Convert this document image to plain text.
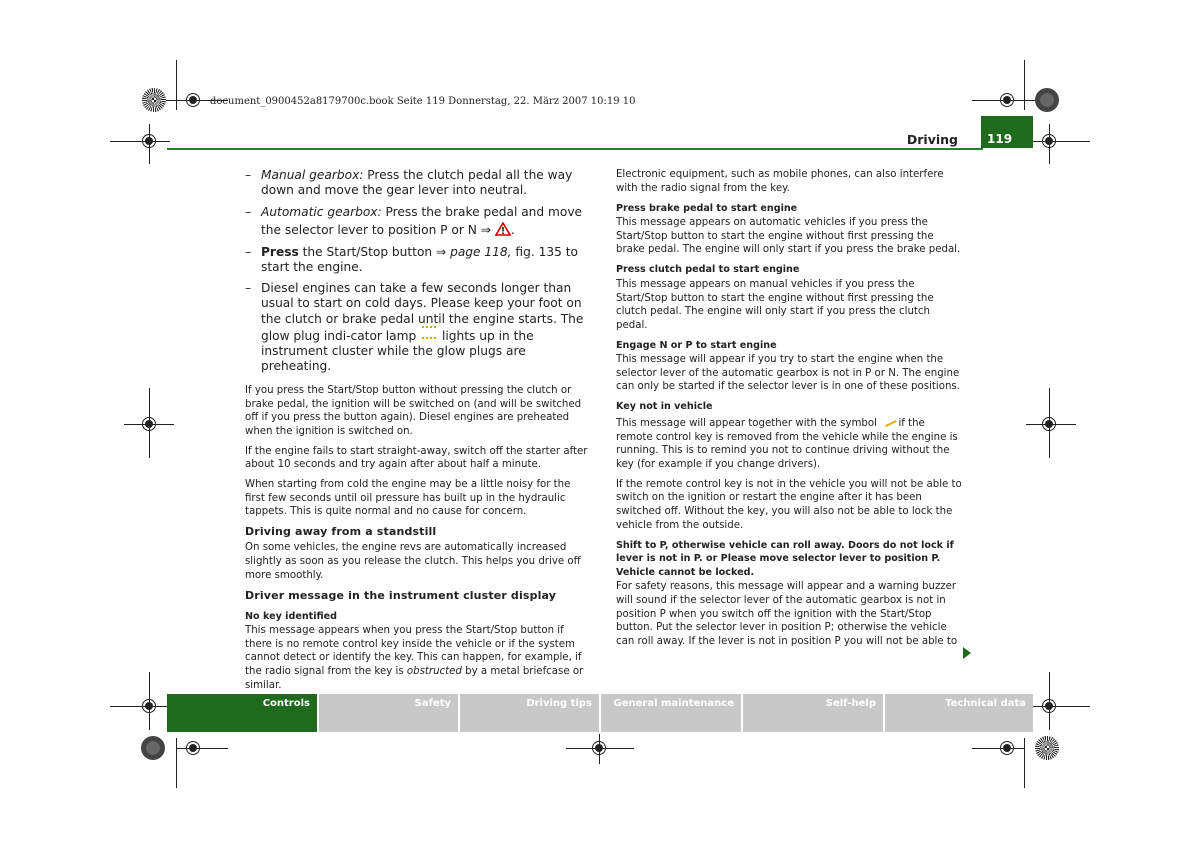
document_0900452a8179700c.book Seite 119 Donnerstag, 22. März 2007 10:19 10
Driving	119
– Manual gearbox: Press the clutch pedal all the way down and move the gear lever into neutral.
– Automatic gearbox: Press the brake pedal and move the selector lever to position P or N ⇒ .
– Press the Start/Stop button ⇒ page 118, fig. 135 to start the engine.
– Diesel engines can take a few seconds longer than usual to start on cold days. Please keep your foot on the clutch or brake pedal until the engine starts. The glow plug indi-cator lamp  lights up in the instrument cluster while the glow plugs are preheating.
If you press the Start/Stop button without pressing the clutch or brake pedal, the ignition will be switched on (and will be switched off if you press the button again). Diesel engines are preheated when the ignition is switched on.
If the engine fails to start straight-away, switch off the starter after about 10 seconds and try again after about half a minute.
When starting from cold the engine may be a little noisy for the first few seconds until oil pressure has built up in the hydraulic tappets. This is quite normal and no cause for concern.
Driving away from a standstill
On some vehicles, the engine revs are automatically increased slightly as soon as you release the clutch. This helps you drive off more smoothly.
Driver message in the instrument cluster display
No key identified
This message appears when you press the Start/Stop button if there is no remote control key inside the vehicle or if the system cannot detect or identify the key. This can happen, for example, if the radio signal from the key is obstructed by a metal briefcase or similar.
Electronic equipment, such as mobile phones, can also interfere with the radio signal from the key.
Press brake pedal to start engine
This message appears on automatic vehicles if you press the Start/Stop button to start the engine without first pressing the brake pedal. The engine will only start if you press the brake pedal.
Press clutch pedal to start engine
This message appears on manual vehicles if you press the Start/Stop button to start the engine without first pressing the clutch pedal. The engine will only start if you press the clutch pedal.
Engage N or P to start engine
This message will appear if you try to start the engine when the selector lever of the automatic gearbox is not in P or N. The engine can only be started if the selector lever is in one of these positions.
Key not in vehicle
This message will appear together with the symbol  if the remote control key is removed from the vehicle while the engine is running. This is to remind you not to continue driving without the key (for example if you change drivers).
If the remote control key is not in the vehicle you will not be able to switch on the ignition or restart the engine after it has been switched off. Without the key, you will also not be able to lock the vehicle from the outside.
Shift to P, otherwise vehicle can roll away. Doors do not lock if lever is not in P. or Please move selector lever to position P. Vehicle cannot be locked.
For safety reasons, this message will appear and a warning buzzer will sound if the selector lever of the automatic gearbox is not in position P when you switch off the ignition with the Start/Stop button. Put the selector lever in position P; otherwise the vehicle can roll away. If the lever is not in position P you will not be able to
Controls	Safety	Driving tips	General maintenance	Self-help	Technical data
